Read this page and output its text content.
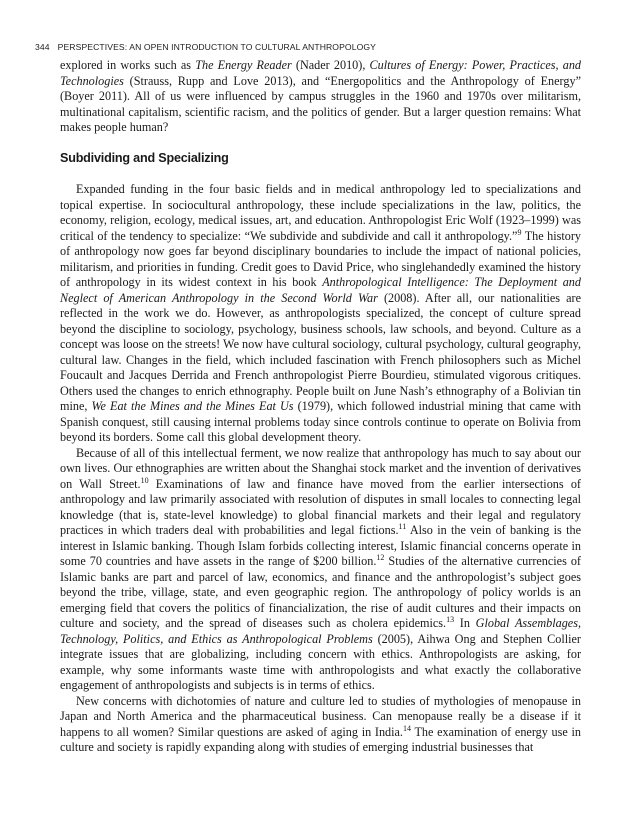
344 PERSPECTIVES: AN OPEN INTRODUCTION TO CULTURAL ANTHROPOLOGY

explored in works such as The Energy Reader (Nader 2010), Cultures of Energy: Power, Practices, and Technologies (Strauss, Rupp and Love 2013), and “Energopolitics and the Anthropology of Energy” (Boyer 2011). All of us were influenced by campus struggles in the 1960 and 1970s over militarism, multinational capitalism, scientific racism, and the politics of gender. But a larger question remains: What makes people human?

Subdividing and Specializing

Expanded funding in the four basic fields and in medical anthropology led to specializations and topical expertise. In sociocultural anthropology, these include specializations in the law, politics, the economy, religion, ecology, medical issues, art, and education. Anthropologist Eric Wolf (1923–1999) was critical of the tendency to specialize: “We subdivide and subdivide and call it anthropology.”$^9$ The history of anthropology now goes far beyond disciplinary boundaries to include the impact of national policies, militarism, and priorities in funding. Credit goes to David Price, who singlehandedly examined the history of anthropology in its widest context in his book Anthropological Intelligence: The Deployment and Neglect of American Anthropology in the Second World War (2008). After all, our nationalities are reflected in the work we do. However, as anthropologists specialized, the concept of culture spread beyond the discipline to sociology, psychology, business schools, law schools, and beyond. Culture as a concept was loose on the streets! We now have cultural sociology, cultural psychology, cultural geography, cultural law. Changes in the field, which included fascination with French philosophers such as Michel Foucault and Jacques Derrida and French anthropologist Pierre Bourdieu, stimulated vigorous critiques. Others used the changes to enrich ethnography. People built on June Nash’s ethnography of a Bolivian tin mine, We Eat the Mines and the Mines Eat Us (1979), which followed industrial mining that came with Spanish conquest, still causing internal problems today since controls continue to operate on Bolivia from beyond its borders. Some call this global development theory.

Because of all of this intellectual ferment, we now realize that anthropology has much to say about our own lives. Our ethnographies are written about the Shanghai stock market and the invention of derivatives on Wall Street.$^{10}$ Examinations of law and finance have moved from the earlier intersections of anthropology and law primarily associated with resolution of disputes in small locales to connecting legal knowledge (that is, state-level knowledge) to global financial markets and their legal and regulatory practices in which traders deal with probabilities and legal fictions.$^{11}$ Also in the vein of banking is the interest in Islamic banking. Though Islam forbids collecting interest, Islamic financial concerns operate in some 70 countries and have assets in the range of $200 billion.$^{12}$ Studies of the alternative currencies of Islamic banks are part and parcel of law, economics, and finance and the anthropologist’s subject goes beyond the tribe, village, state, and even geographic region. The anthropology of policy worlds is an emerging field that covers the politics of financialization, the rise of audit cultures and their impacts on culture and society, and the spread of diseases such as cholera epidemics.$^{13}$ In Global Assemblages, Technology, Politics, and Ethics as Anthropological Problems (2005), Aihwa Ong and Stephen Collier integrate issues that are globalizing, including concern with ethics. Anthropologists are asking, for example, why some informants waste time with anthropologists and what exactly the collaborative engagement of anthropologists and subjects is in terms of ethics.

New concerns with dichotomies of nature and culture led to studies of mythologies of menopause in Japan and North America and the pharmaceutical business. Can menopause really be a disease if it happens to all women? Similar questions are asked of aging in India.$^{14}$ The examination of energy use in culture and society is rapidly expanding along with studies of emerging industrial businesses that
